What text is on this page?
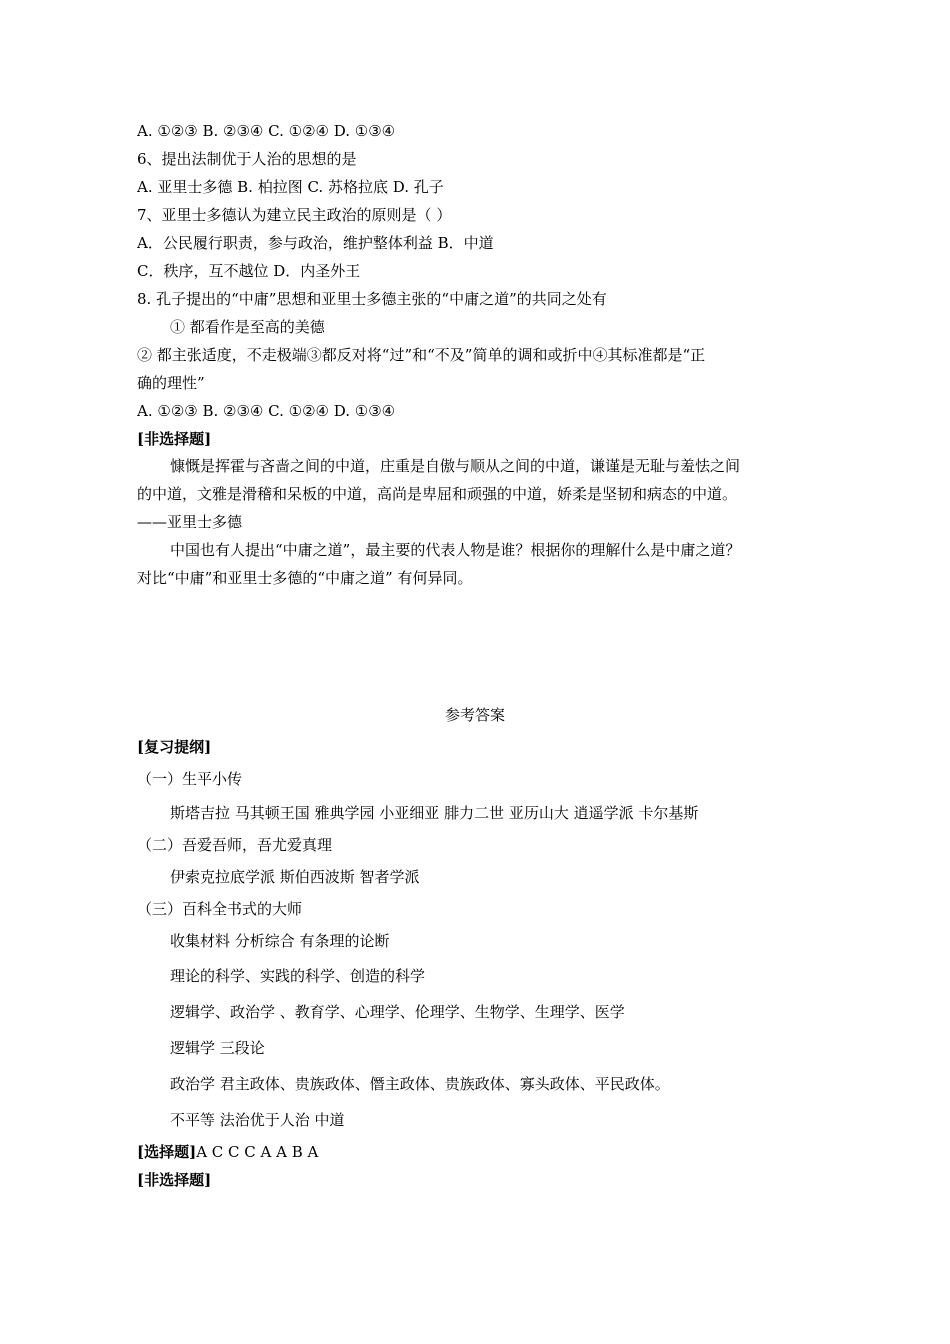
A. ①②③ B. ②③④ C. ①②④ D. ①③④
6、提出法制优于人治的思想的是
A. 亚里士多德 B. 柏拉图 C. 苏格拉底 D. 孔子
7、亚里士多德认为建立民主政治的原则是（ ）
A．公民履行职责，参与政治，维护整体利益 B．中道
C．秩序，互不越位 D．内圣外王
8. 孔子提出的“中庸”思想和亚里士多德主张的“中庸之道”的共同之处有
① 都看作是至高的美德
② 都主张适度，不走极端③都反对将“过”和“不及”简单的调和或折中④其标准都是“正
确的理性”
A. ①②③ B. ②③④ C. ①②④ D. ①③④
[非选择题]
慷慨是挥霍与吝啬之间的中道，庄重是自傲与顺从之间的中道，谦谨是无耻与羞怯之间
的中道，文雅是滑稽和呆板的中道，高尚是卑屈和顽强的中道，娇柔是坚韧和病态的中道。
——亚里士多德
中国也有人提出“中庸之道”，最主要的代表人物是谁？根据你的理解什么是中庸之道？
对比“中庸”和亚里士多德的“中庸之道” 有何异同。
参考答案
[复习提纲]
（一）生平小传
斯塔吉拉 马其顿王国 雅典学园 小亚细亚 腓力二世 亚历山大 逍遥学派 卡尔基斯
（二）吾爱吾师，吾尤爱真理
伊索克拉底学派 斯伯西波斯 智者学派
（三）百科全书式的大师
收集材料 分析综合 有条理的论断
理论的科学、实践的科学、创造的科学
逻辑学、政治学 、教育学、心理学、伦理学、生物学、生理学、医学
逻辑学 三段论
政治学 君主政体、贵族政体、僭主政体、贵族政体、寡头政体、平民政体。
不平等 法治优于人治 中道
[选择题]A C C C A A B A
[非选择题]
